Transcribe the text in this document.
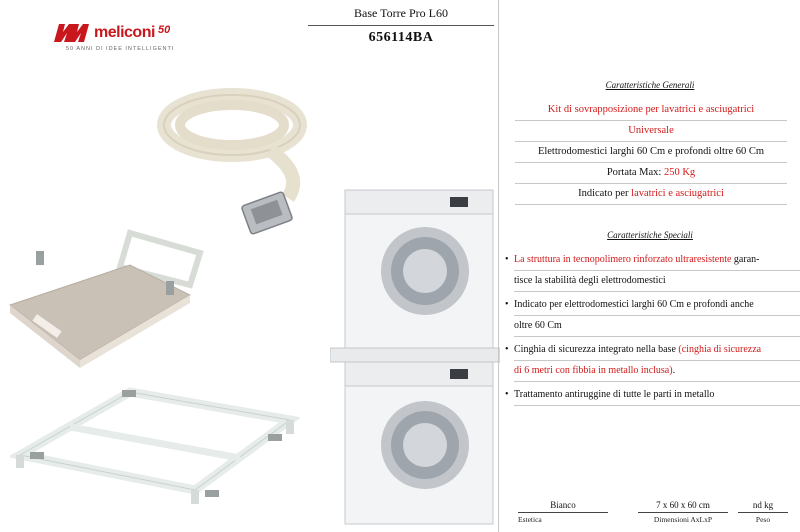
meliconi 50
50 ANNI DI IDEE INTELLIGENTI
Base Torre Pro L60
656114BA
Bianco
Estetica
7 x 60 x 60 cm
Dimensioni AxLxP
nd kg
Peso
Caratteristiche Generali
Kit di sovrapposizione per lavatrici e asciugatrici
Universale
Elettrodomestici larghi 60 Cm e profondi oltre 60 Cm
Portata Max: 250 Kg
Indicato per lavatrici e asciugatrici
Caratteristiche Speciali
• La struttura in tecnopolimero rinforzato ultraresistente garan-
tisce la stabilità degli elettrodomestici
• Indicato per elettrodomestici larghi 60 Cm e profondi anche
oltre 60 Cm
• Cinghia di sicurezza integrato nella base (cinghia di sicurezza
di 6 metri con fibbia in metallo inclusa).
• Trattamento antiruggine di tutte le parti in metallo
